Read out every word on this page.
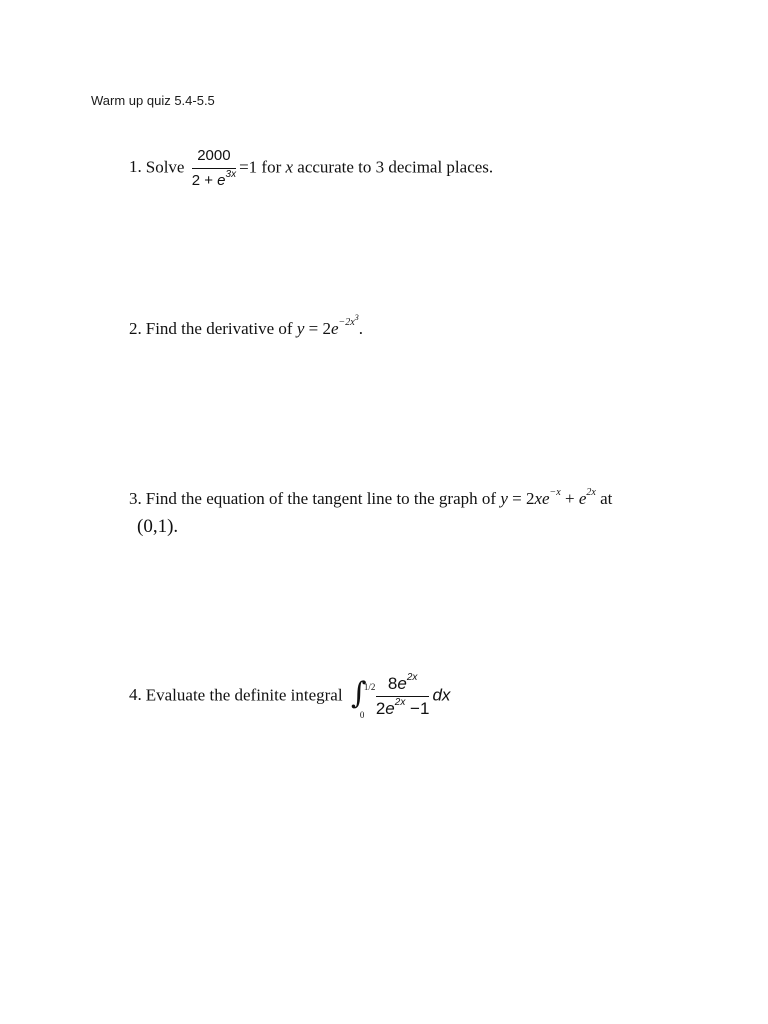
Warm up quiz 5.4-5.5
1. Solve $\frac{2000}{2 + e^{3x}} =1$ for x accurate to 3 decimal places.
2. Find the derivative of $y = 2e^{-2x^3}$.
3. Find the equation of the tangent line to the graph of $y = 2xe^{-x} + e^{2x}$ at
(0,1).
4. Evaluate the definite integral ∫
1/2
$0 \frac{8e^{2x}}{2e^{2x} -1}$ dx
